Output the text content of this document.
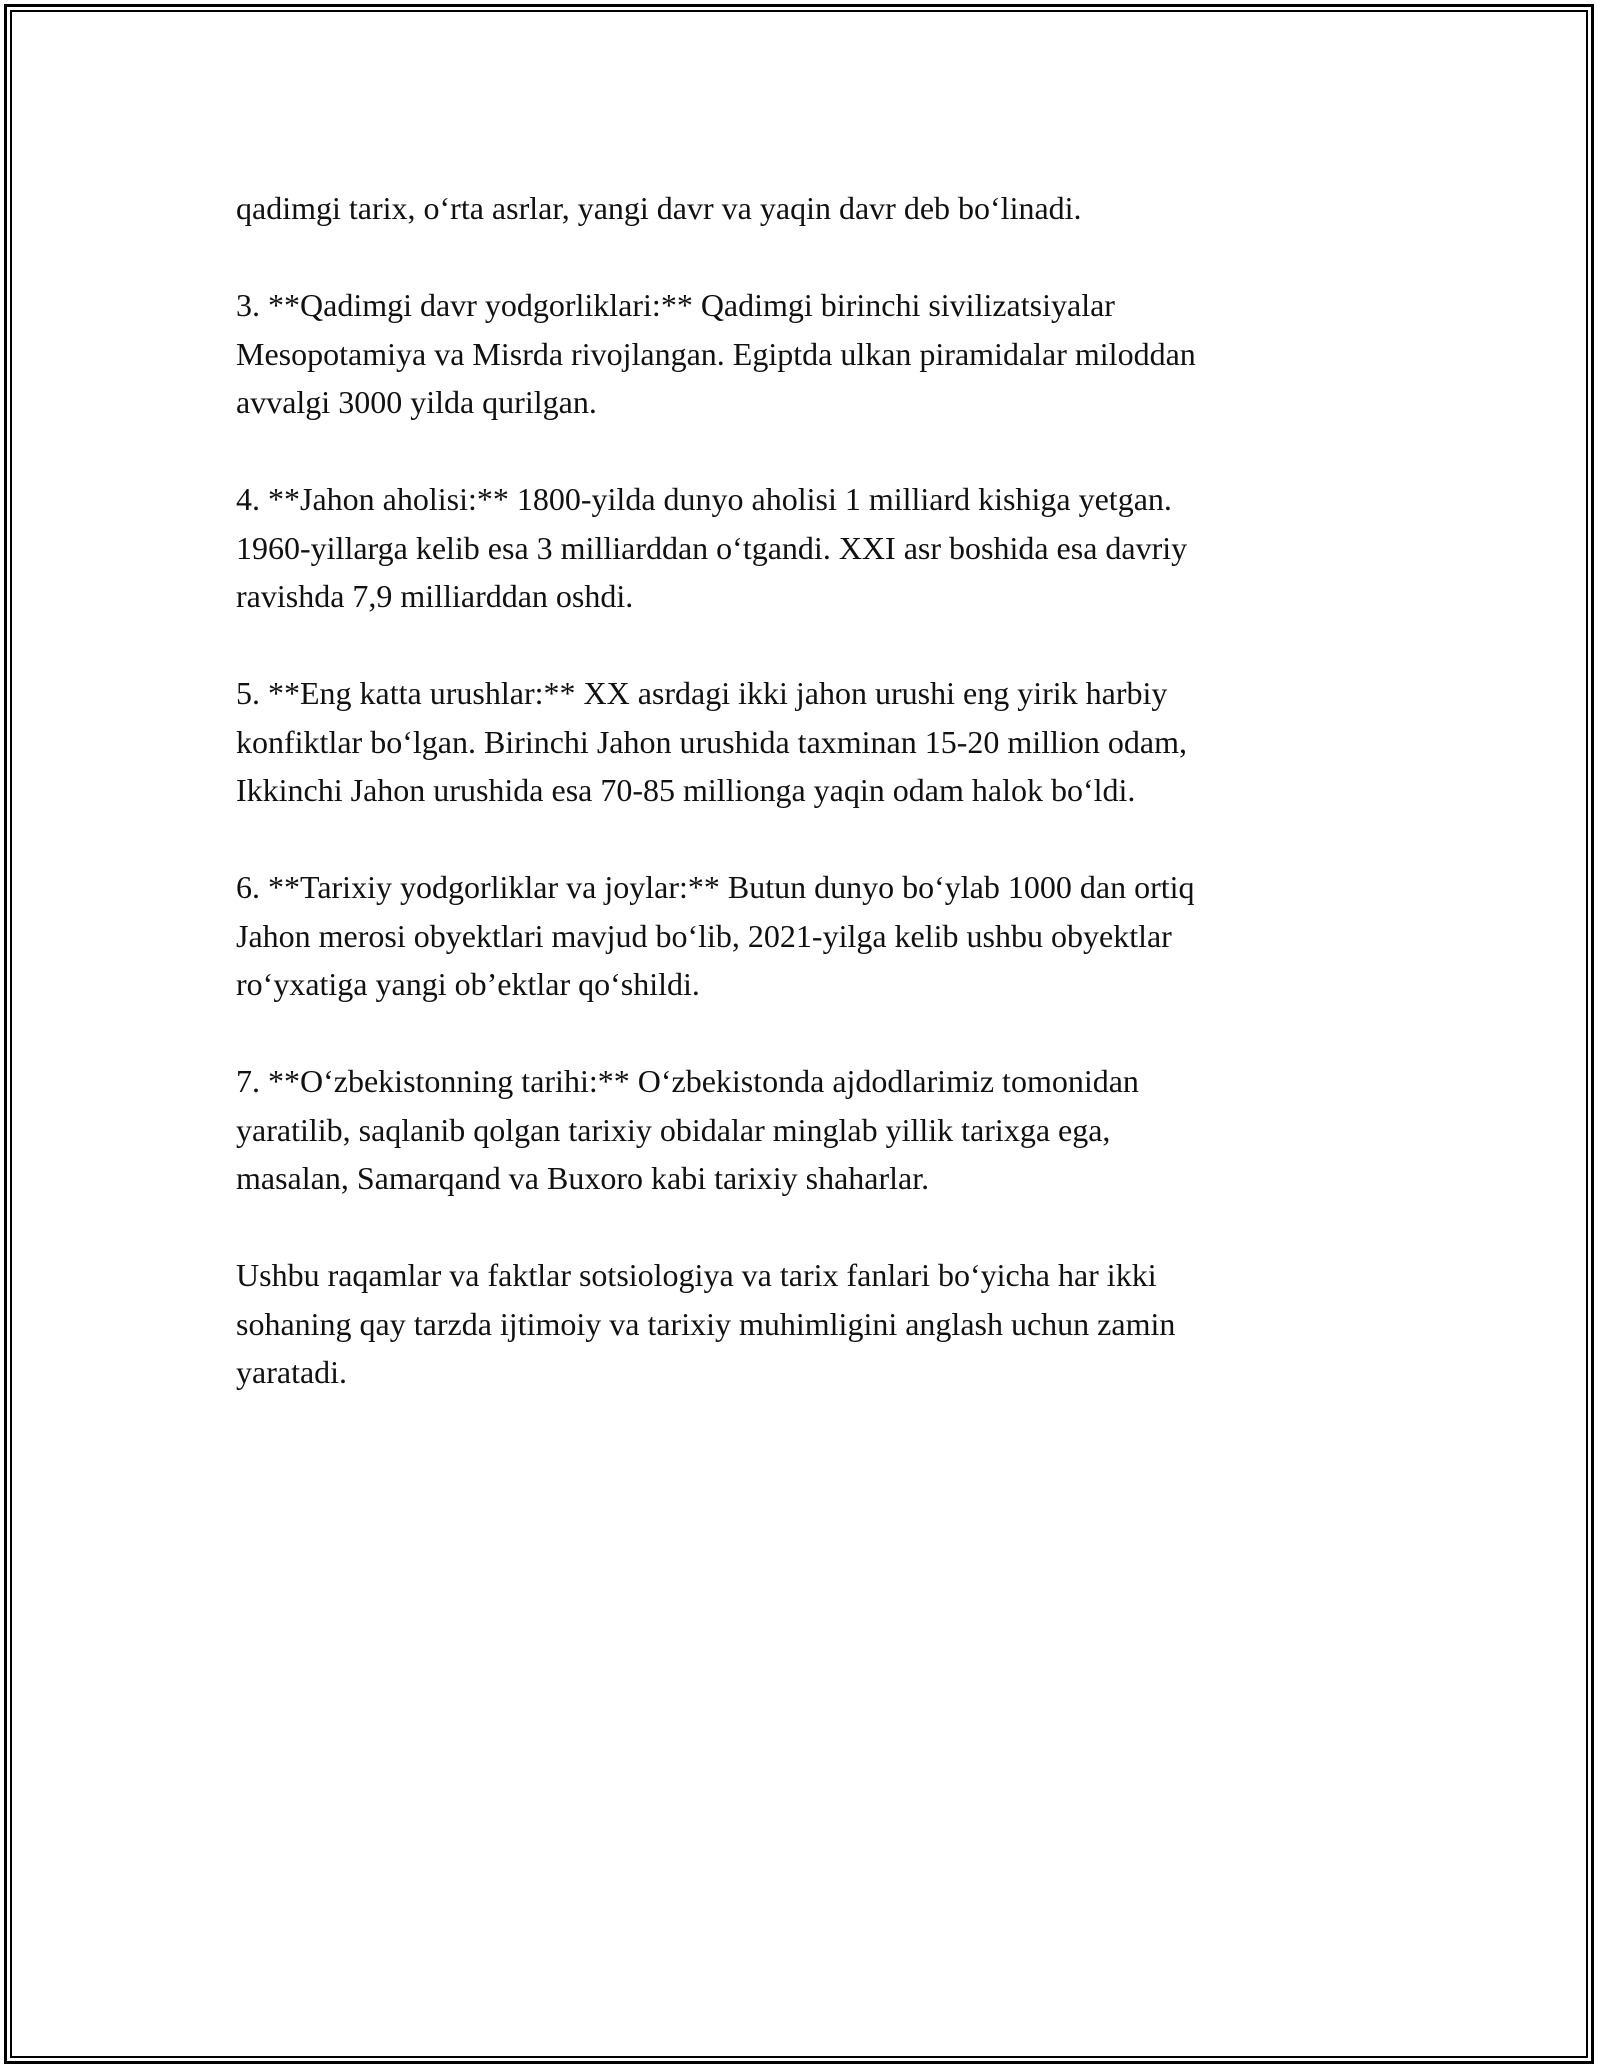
qadimgi tarix, o‘rta asrlar, yangi davr va yaqin davr deb bo‘linadi.

3. **Qadimgi davr yodgorliklari:** Qadimgi birinchi sivilizatsiyalar
Mesopotamiya va Misrda rivojlangan. Egiptda ulkan piramidalar miloddan
avvalgi 3000 yilda qurilgan.

4. **Jahon aholisi:** 1800-yilda dunyo aholisi 1 milliard kishiga yetgan.
1960-yillarga kelib esa 3 milliarddan o‘tgandi. XXI asr boshida esa davriy
ravishda 7,9 milliarddan oshdi.

5. **Eng katta urushlar:** XX asrdagi ikki jahon urushi eng yirik harbiy
konfiktlar bo‘lgan. Birinchi Jahon urushida taxminan 15-20 million odam,
Ikkinchi Jahon urushida esa 70-85 millionga yaqin odam halok bo‘ldi.

6. **Tarixiy yodgorliklar va joylar:** Butun dunyo bo‘ylab 1000 dan ortiq
Jahon merosi obyektlari mavjud bo‘lib, 2021-yilga kelib ushbu obyektlar
ro‘yxatiga yangi ob’ektlar qo‘shildi.

7. **O‘zbekistonning tarihi:** O‘zbekistonda ajdodlarimiz tomonidan
yaratilib, saqlanib qolgan tarixiy obidalar minglab yillik tarixga ega,
masalan, Samarqand va Buxoro kabi tarixiy shaharlar.

Ushbu raqamlar va faktlar sotsiologiya va tarix fanlari bo‘yicha har ikki
sohaning qay tarzda ijtimoiy va tarixiy muhimligini anglash uchun zamin
yaratadi.
